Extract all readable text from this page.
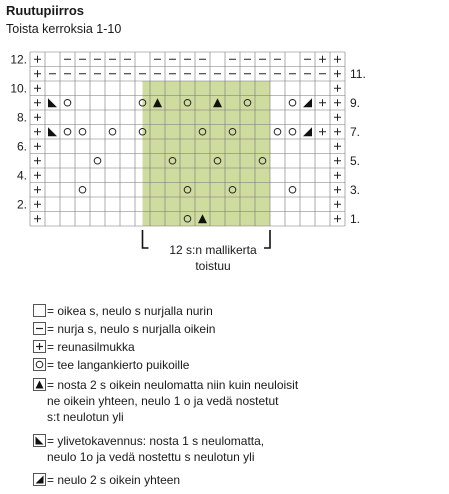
Ruutupiirros
Toista kerroksia 1-10
12.
10.
8.
6.
4.
2.
11.
9.
7.
5.
3.
1.
12 s:n mallikerta
toistuu
= oikea s, neulo s nurjalla nurin
= nurja s, neulo s nurjalla oikein
= reunasilmukka
= tee langankierto puikoille
= nosta 2 s oikein neulomatta niin kuin neuloisit
ne oikein yhteen, neulo 1 o ja vedä nostetut
s:t neulotun yli
= ylivetokavennus: nosta 1 s neulomatta,
neulo 1o ja vedä nostettu s neulotun yli
= neulo 2 s oikein yhteen
